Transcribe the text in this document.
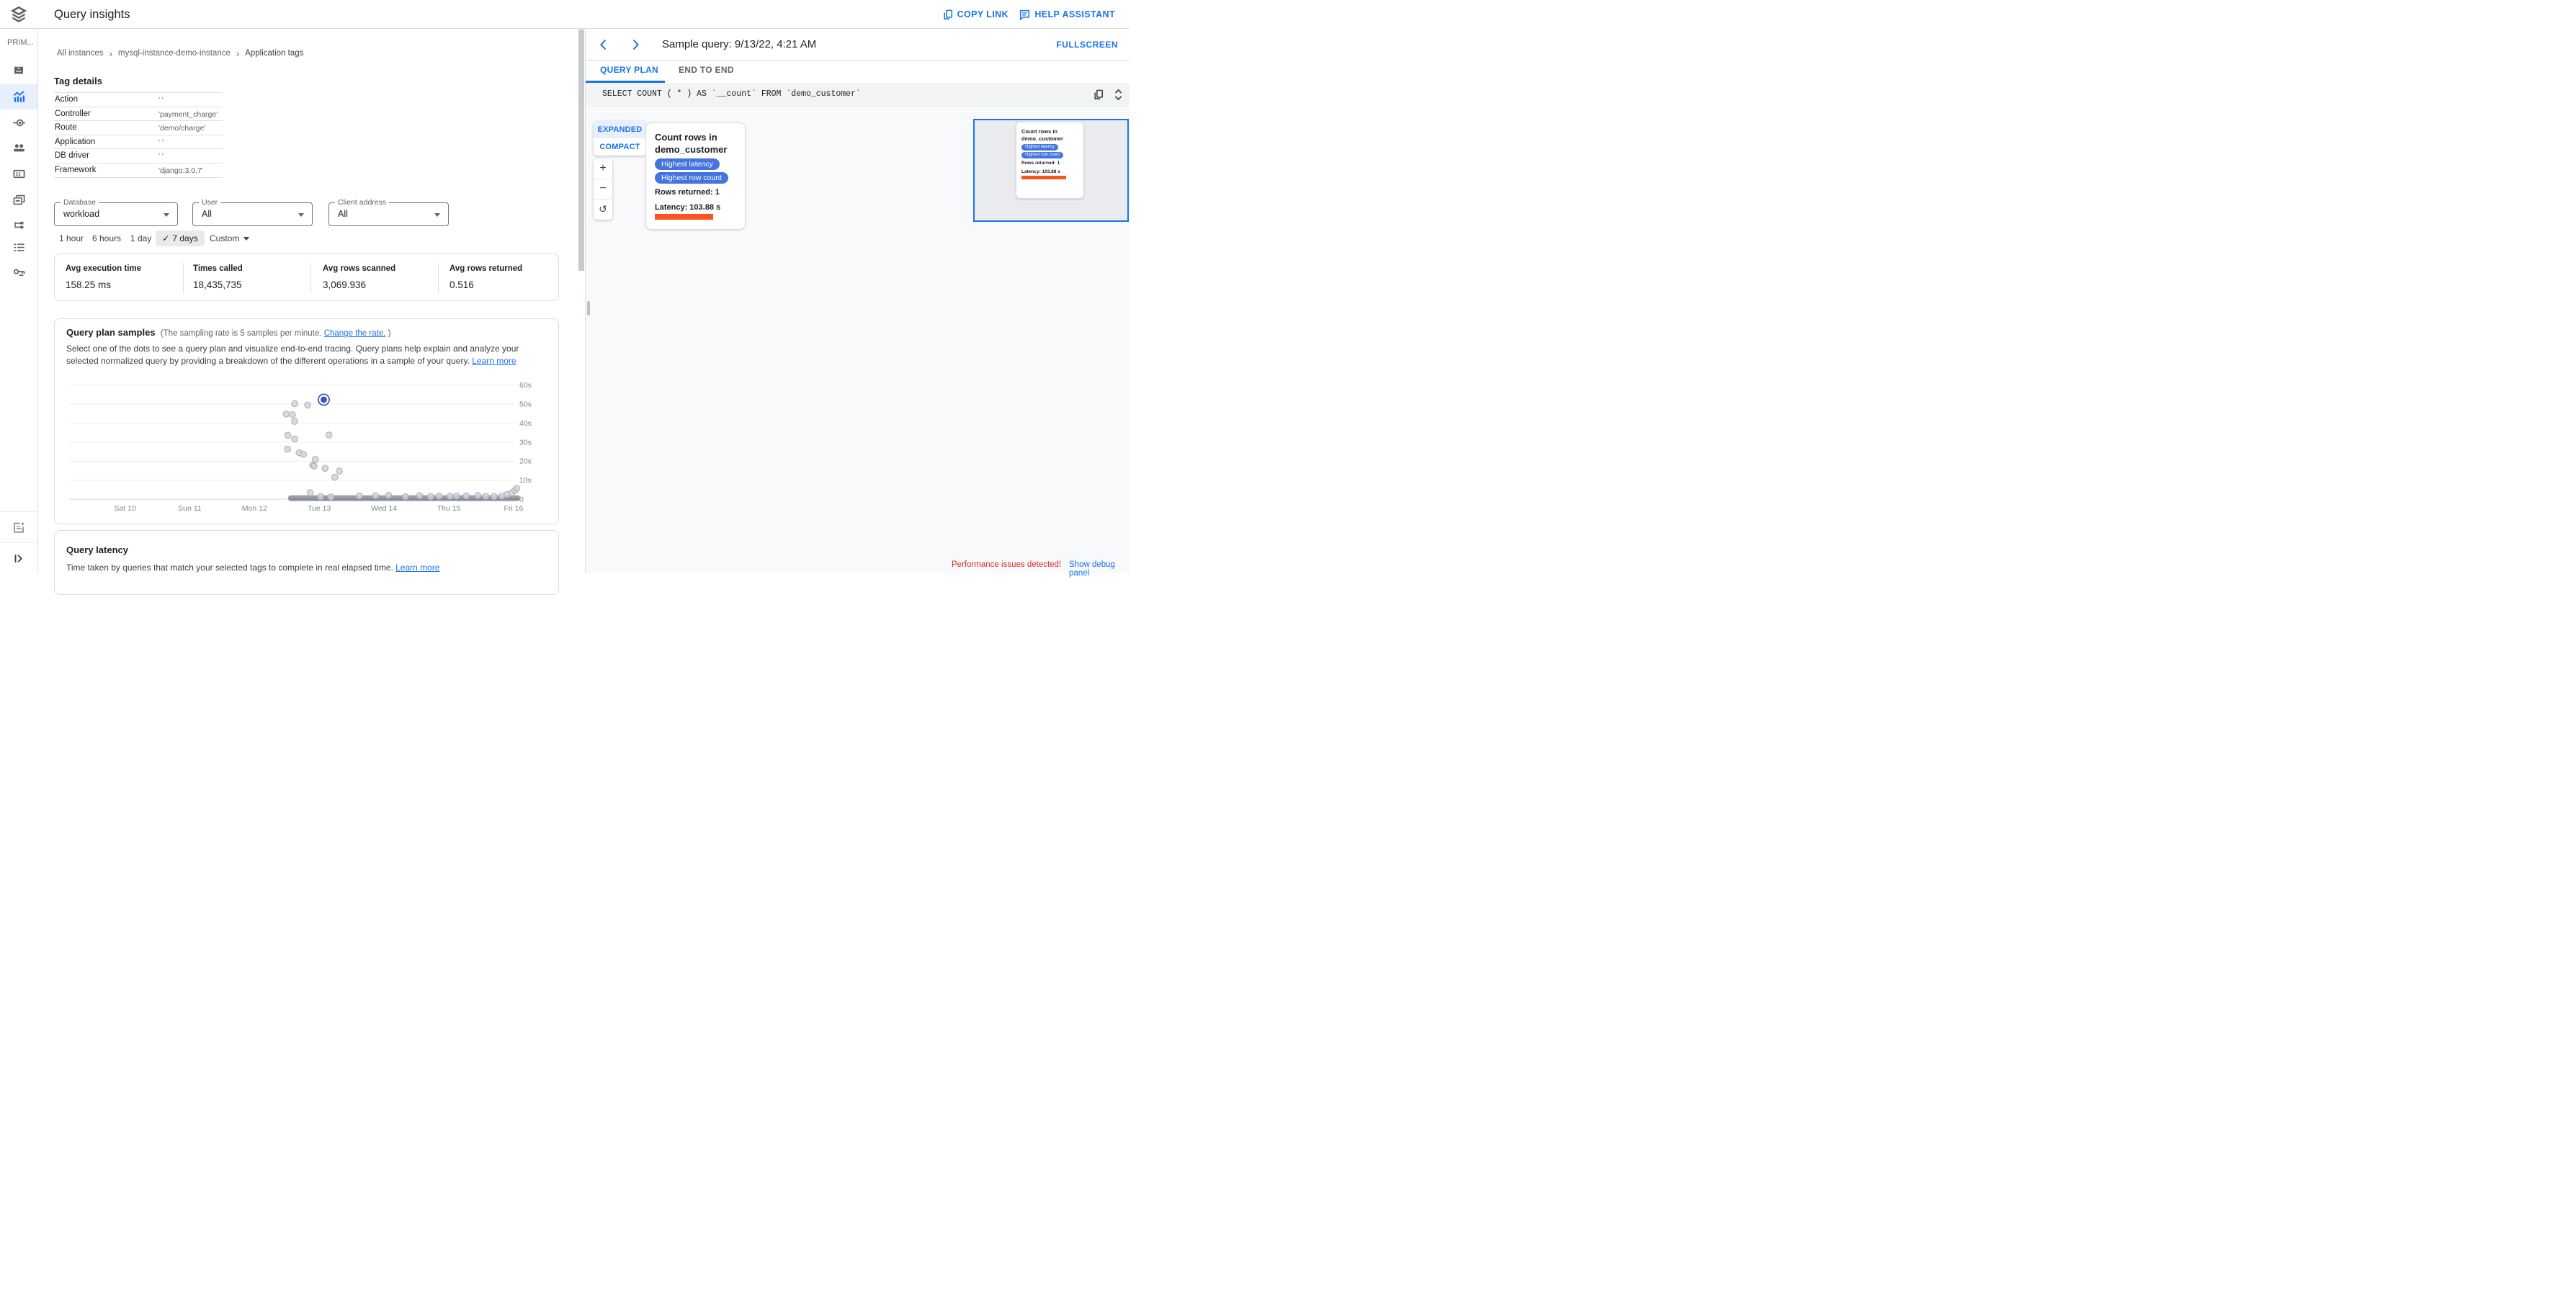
Query insights	COPY LINK	HELP ASSISTANT
PRIM...
All instances › mysql-instance-demo-instance › Application tags
Tag details
Action	' '
Controller	'payment_charge'
Route	'demo/charge'
Application	' '
DB driver	' '
Framework	'django:3.0.7'
Database
workload
User
All
Client address
All
1 hour 6 hours 1 day	✓ 7 days	Custom
Avg execution time
158.25 ms
Times called
18,435,735
Avg rows scanned
3,069.936
Avg rows returned
0.516
Query plan samples (The sampling rate is 5 samples per minute. Change the rate. )
Select one of the dots to see a query plan and visualize end-to-end tracing. Query plans help explain and analyze your selected normalized query by providing a breakdown of the different operations in a sample of your query. Learn more
60s
50s
40s
30s
20s
10s
0
Sat 10	Sun 11	Mon 12	Tue 13	Wed 14	Thu 15	Fri 16
Query latency
Time taken by queries that match your selected tags to complete in real elapsed time. Learn more
Sample query: 9/13/22, 4:21 AM	FULLSCREEN
QUERY PLAN END TO END
SELECT COUNT ( * ) AS `__count` FROM `demo_customer`
EXPANDED
COMPACT
+
−
↺
Count rows in demo_customer
Highest latency
Highest row count
Rows returned: 1
Latency: 103.88 s
Count rows in demo_customer
Highest latency
Highest row count
Rows returned: 1
Latency: 103.88 s
Performance issues detected! Show debug panel
